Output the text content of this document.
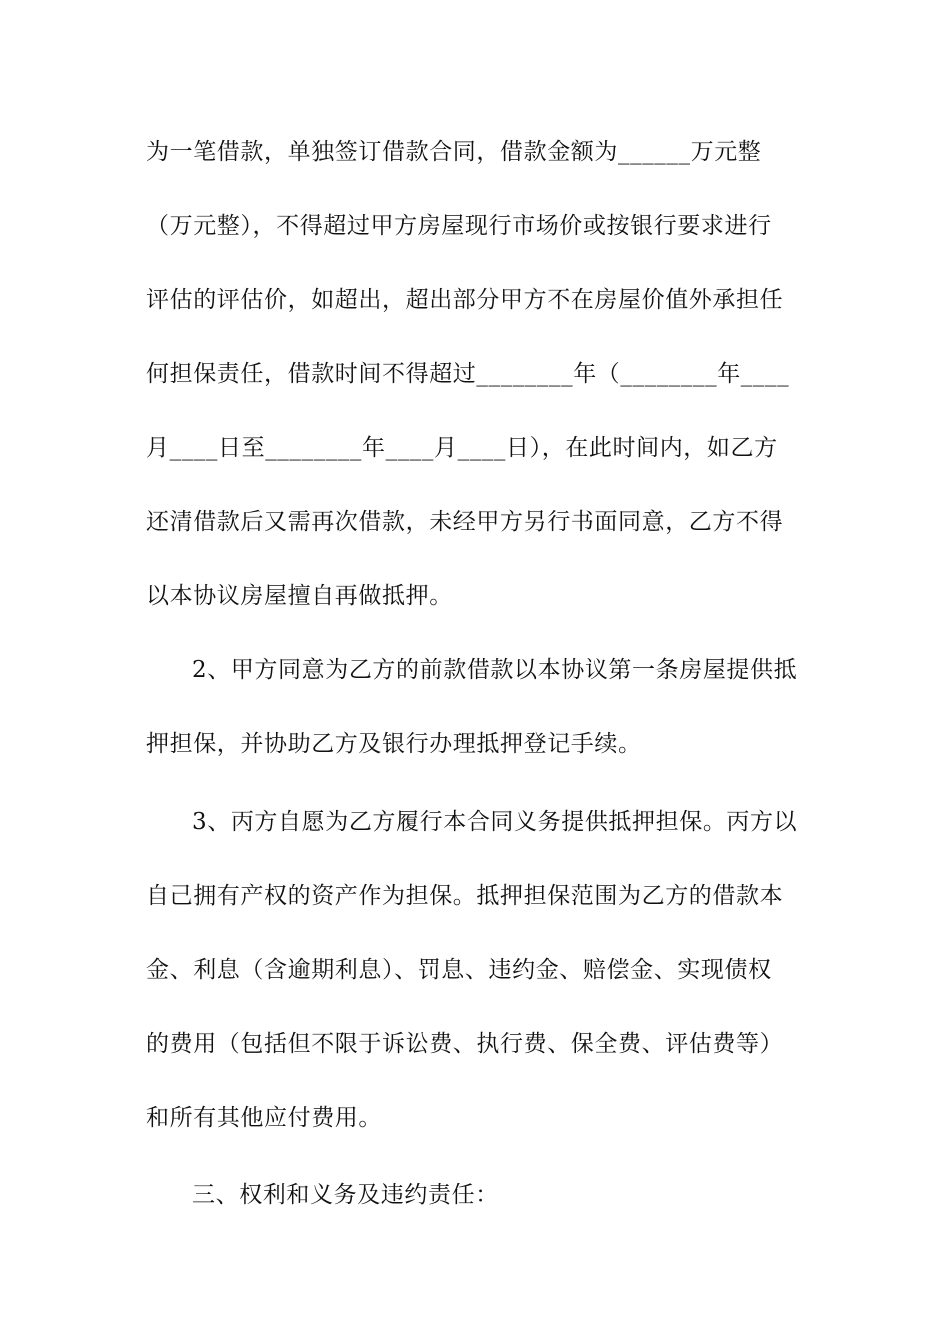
为一笔借款，单独签订借款合同，借款金额为______万元整
（万元整），不得超过甲方房屋现行市场价或按银行要求进行
评估的评估价，如超出，超出部分甲方不在房屋价值外承担任
何担保责任，借款时间不得超过________年（________年____
月____日至________年____月____日），在此时间内，如乙方
还清借款后又需再次借款，未经甲方另行书面同意，乙方不得
以本协议房屋擅自再做抵押。
2、甲方同意为乙方的前款借款以本协议第一条房屋提供抵
押担保，并协助乙方及银行办理抵押登记手续。
3、丙方自愿为乙方履行本合同义务提供抵押担保。丙方以
自己拥有产权的资产作为担保。抵押担保范围为乙方的借款本
金、利息（含逾期利息）、罚息、违约金、赔偿金、实现债权
的费用（包括但不限于诉讼费、执行费、保全费、评估费等）
和所有其他应付费用。
三、权利和义务及违约责任：
